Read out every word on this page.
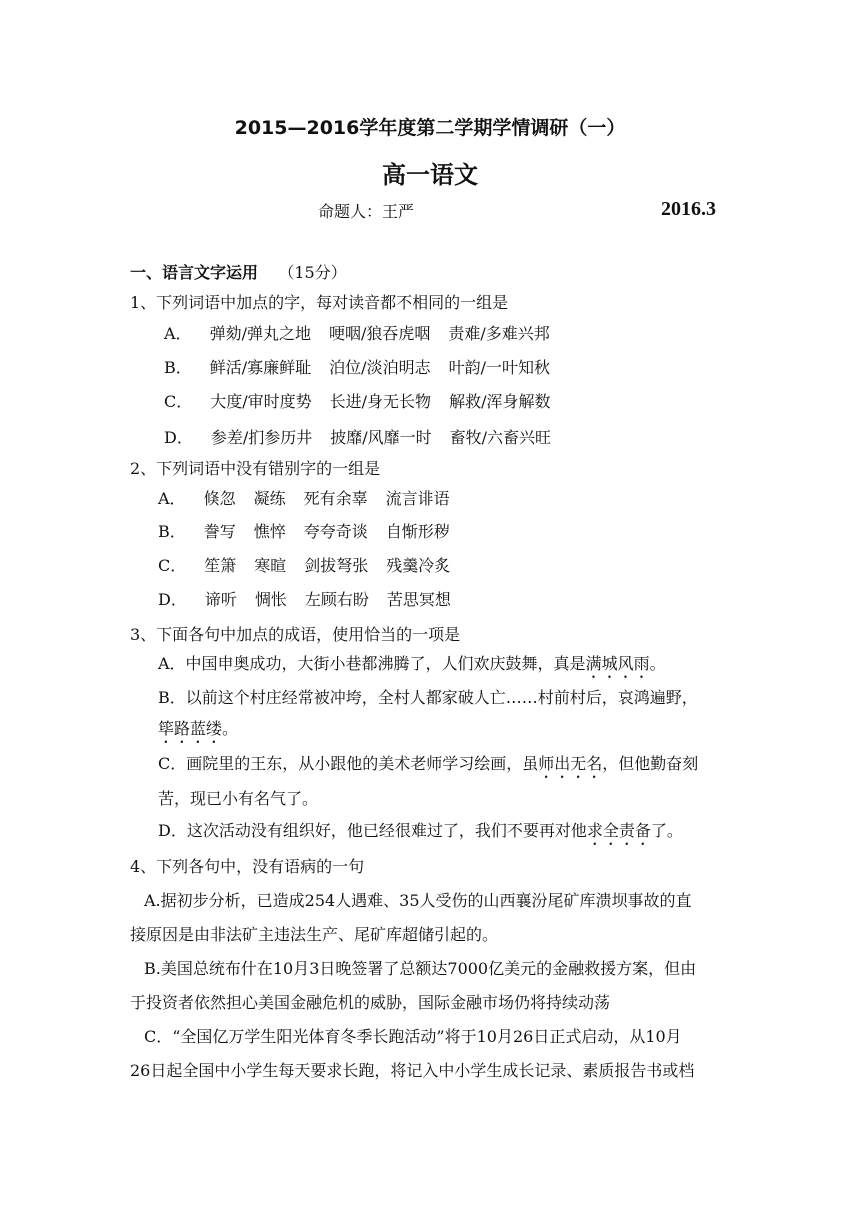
2015—2016学年度第二学期学情调研（一）
高一语文
命题人：王严	2016.3
一、语言文字运用 （15分）
1、下列词语中加点的字，每对读音都不相同的一组是
A． 弹劾/弹丸之地 哽咽/狼吞虎咽 责难/多难兴邦
B． 鲜活/寡廉鲜耻 泊位/淡泊明志 叶韵/一叶知秋
C． 大度/审时度势 长进/身无长物 解救/浑身解数
D． 参差/扪参历井 披靡/风靡一时 畜牧/六畜兴旺
2、下列词语中没有错别字的一组是
A． 倏忽 凝练 死有余辜 流言诽语
B． 誊写 憔悴 夸夸奇谈 自惭形秽
C． 笙箫 寒暄 剑拔弩张 残羹冷炙
D． 谛听 惆怅 左顾右盼 苦思冥想
3、下面各句中加点的成语，使用恰当的一项是
A．中国申奥成功，大街小巷都沸腾了，人们欢庆鼓舞，真是满城风雨。
B．以前这个村庄经常被冲垮，全村人都家破人亡……村前村后，哀鸿遍野，
筚路蓝缕。
C．画院里的王东，从小跟他的美术老师学习绘画，虽师出无名，但他勤奋刻
苦，现已小有名气了。
D．这次活动没有组织好，他已经很难过了，我们不要再对他求全责备了。
4、下列各句中，没有语病的一句
A.据初步分析，已造成254人遇难、35人受伤的山西襄汾尾矿库溃坝事故的直
接原因是由非法矿主违法生产、尾矿库超储引起的。
B.美国总统布什在10月3日晚签署了总额达7000亿美元的金融救援方案，但由
于投资者依然担心美国金融危机的威胁，国际金融市场仍将持续动荡
C．“全国亿万学生阳光体育冬季长跑活动”将于10月26日正式启动，从10月
26日起全国中小学生每天要求长跑，将记入中小学生成长记录、素质报告书或档
